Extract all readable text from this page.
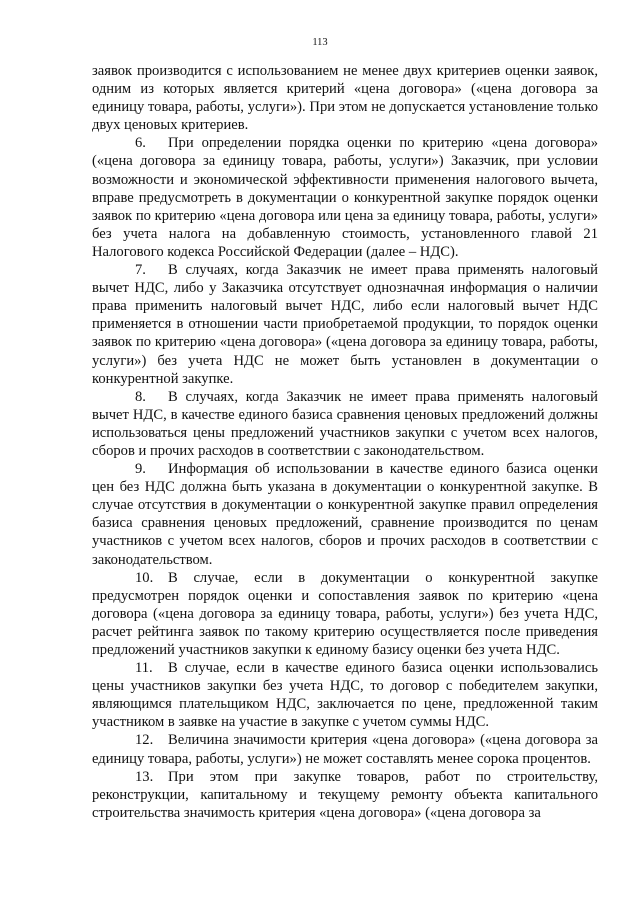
113

заявок производится с использованием не менее двух критериев оценки заявок, одним из которых является критерий «цена договора» («цена договора за единицу товара, работы, услуги»). При этом не допускается установление только двух ценовых критериев.

6. При определении порядка оценки по критерию «цена договора» («цена договора за единицу товара, работы, услуги») Заказчик, при условии возможности и экономической эффективности применения налогового вычета, вправе предусмотреть в документации о конкурентной закупке порядок оценки заявок по критерию «цена договора или цена за единицу товара, работы, услуги» без учета налога на добавленную стоимость, установленного главой 21 Налогового кодекса Российской Федерации (далее – НДС).

7. В случаях, когда Заказчик не имеет права применять налоговый вычет НДС, либо у Заказчика отсутствует однозначная информация о наличии права применить налоговый вычет НДС, либо если налоговый вычет НДС применяется в отношении части приобретаемой продукции, то порядок оценки заявок по критерию «цена договора» («цена договора за единицу товара, работы, услуги») без учета НДС не может быть установлен в документации о конкурентной закупке.

8. В случаях, когда Заказчик не имеет права применять налоговый вычет НДС, в качестве единого базиса сравнения ценовых предложений должны использоваться цены предложений участников закупки с учетом всех налогов, сборов и прочих расходов в соответствии с законодательством.

9. Информация об использовании в качестве единого базиса оценки цен без НДС должна быть указана в документации о конкурентной закупке. В случае отсутствия в документации о конкурентной закупке правил определения базиса сравнения ценовых предложений, сравнение производится по ценам участников с учетом всех налогов, сборов и прочих расходов в соответствии с законодательством.

10. В случае, если в документации о конкурентной закупке предусмотрен порядок оценки и сопоставления заявок по критерию «цена договора («цена договора за единицу товара, работы, услуги») без учета НДС, расчет рейтинга заявок по такому критерию осуществляется после приведения предложений участников закупки к единому базису оценки без учета НДС.

11. В случае, если в качестве единого базиса оценки использовались цены участников закупки без учета НДС, то договор с победителем закупки, являющимся плательщиком НДС, заключается по цене, предложенной таким участником в заявке на участие в закупке с учетом суммы НДС.

12. Величина значимости критерия «цена договора» («цена договора за единицу товара, работы, услуги») не может составлять менее сорока процентов.

13. При этом при закупке товаров, работ по строительству, реконструкции, капитальному и текущему ремонту объекта капитального строительства значимость критерия «цена договора» («цена договора за
